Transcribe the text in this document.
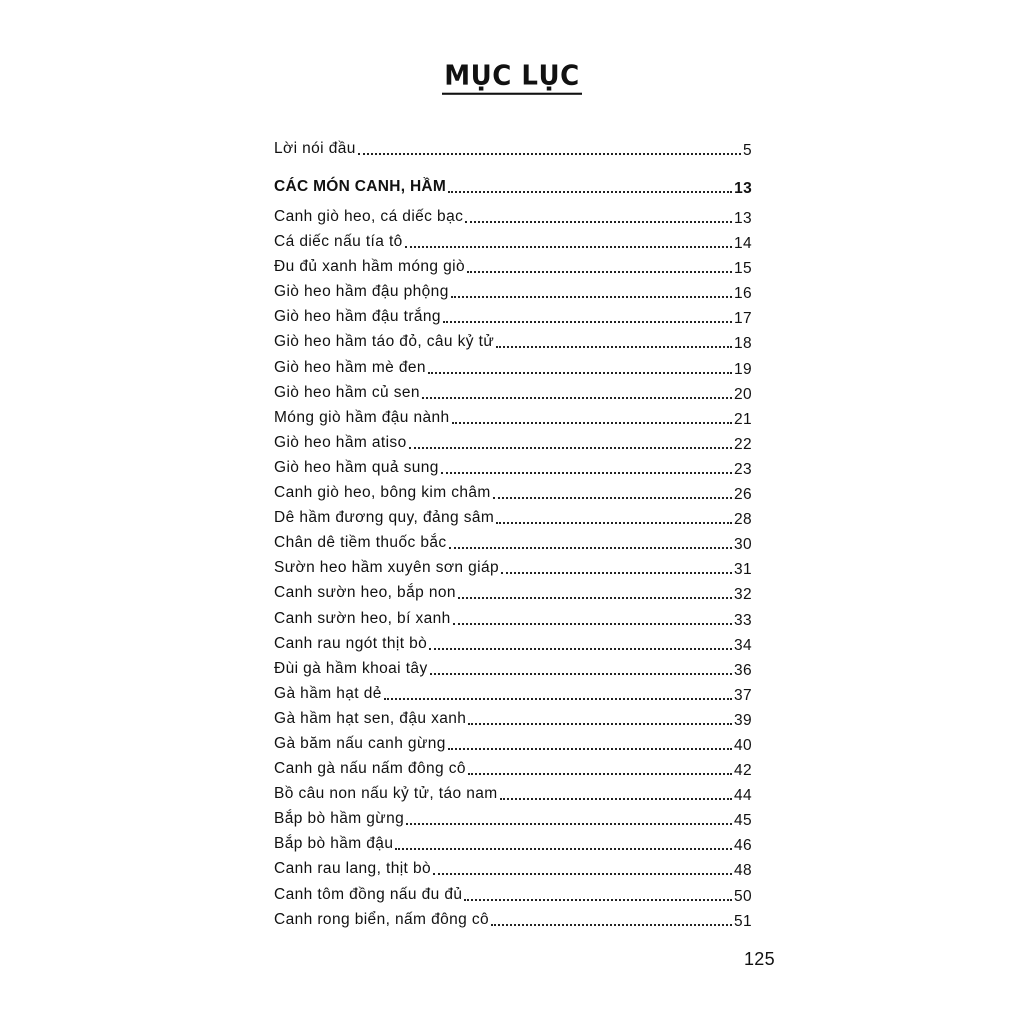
MỤC LỤC
Lời nói đầu	5
CÁC MÓN CANH, HẦM	13
Canh giò heo, cá diếc bạc	13
Cá diếc nấu tía tô	14
Đu đủ xanh hầm móng giò	15
Giò heo hầm đậu phộng	16
Giò heo hầm đậu trắng	17
Giò heo hầm táo đỏ, câu kỷ tử	18
Giò heo hầm mè đen	19
Giò heo hầm củ sen	20
Móng giò hầm đậu nành	21
Giò heo hầm atiso	22
Giò heo hầm quả sung	23
Canh giò heo, bông kim châm	26
Dê hầm đương quy, đảng sâm	28
Chân dê tiềm thuốc bắc	30
Sườn heo hầm xuyên sơn giáp	31
Canh sườn heo, bắp non	32
Canh sườn heo, bí xanh	33
Canh rau ngót thịt bò	34
Đùi gà hầm khoai tây	36
Gà hầm hạt dẻ	37
Gà hầm hạt sen, đậu xanh	39
Gà băm nấu canh gừng	40
Canh gà nấu nấm đông cô	42
Bồ câu non nấu kỷ tử, táo nam	44
Bắp bò hầm gừng	45
Bắp bò hầm đậu	46
Canh rau lang, thịt bò	48
Canh tôm đồng nấu đu đủ	50
Canh rong biển, nấm đông cô	51
125
